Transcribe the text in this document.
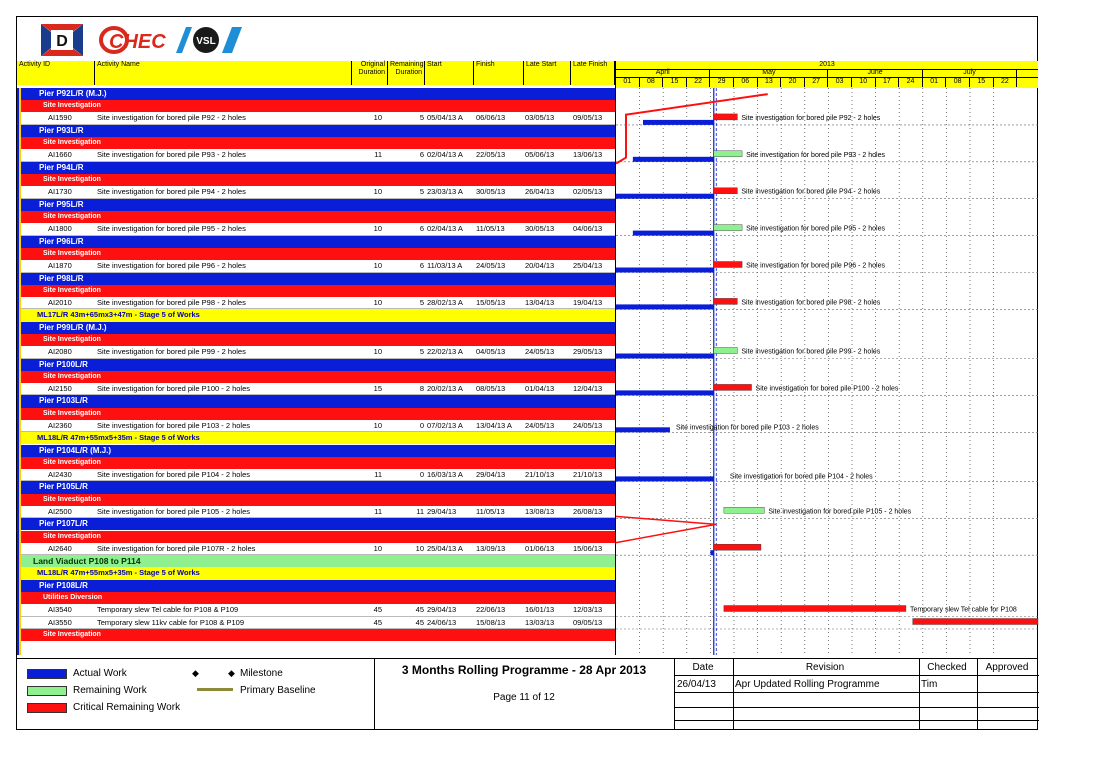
D CHEC	VSL
Activity ID	Activity Name	Original
Duration
Remaining
Duration
Start	Finish	Late Start	Late Finish	2013
April	May	June	July
01	08	15	22	29	06	13	20	27	03	10	17	24	01	08	15	22
Pier P92L/R (M.J.)
Site Investigation
AI1590	Site investigation for bored pile P92 - 2 holes	10	5 05/04/13 A	06/06/13	03/05/13	09/05/13
Pier P93L/R
Site Investigation
AI1660	Site investigation for bored pile P93 - 2 holes	11	6 02/04/13 A	22/05/13	05/06/13	13/06/13
Pier P94L/R
Site Investigation
AI1730	Site investigation for bored pile P94 - 2 holes	10	5 23/03/13 A	30/05/13	26/04/13	02/05/13
Pier P95L/R
Site Investigation
AI1800	Site investigation for bored pile P95 - 2 holes	10	6 02/04/13 A	11/05/13	30/05/13	04/06/13
Pier P96L/R
Site Investigation
AI1870	Site investigation for bored pile P96 - 2 holes	10	6 11/03/13 A	24/05/13	20/04/13	25/04/13
Pier P98L/R
Site Investigation
AI2010	Site investigation for bored pile P98 - 2 holes	10	5 28/02/13 A	15/05/13	13/04/13	19/04/13
ML17L/R 43m+65mx3+47m - Stage 5 of Works
Pier P99L/R (M.J.)
Site Investigation
AI2080	Site investigation for bored pile P99 - 2 holes	10	5 22/02/13 A	04/05/13	24/05/13	29/05/13
Pier P100L/R
Site Investigation
AI2150	Site investigation for bored pile P100 - 2 holes	15	8 20/02/13 A	08/05/13	01/04/13	12/04/13
Pier P103L/R
Site Investigation
AI2360	Site investigation for bored pile P103 - 2 holes	10	0 07/02/13 A	13/04/13 A	24/05/13	24/05/13
ML18L/R 47m+55mx5+35m - Stage 5 of Works
Pier P104L/R (M.J.)
Site Investigation
AI2430	Site investigation for bored pile P104 - 2 holes	11	0 16/03/13 A	29/04/13	21/10/13	21/10/13
Pier P105L/R
Site Investigation
AI2500	Site investigation for bored pile P105 - 2 holes	11	11 29/04/13	11/05/13	13/08/13	26/08/13
Pier P107L/R
Site Investigation
AI2640	Site investigation for bored pile P107R - 2 holes	10	10 25/04/13 A	13/09/13	01/06/13	15/06/13
Land Viaduct P108 to P114
ML18L/R 47m+55mx5+35m - Stage 5 of Works
Pier P108L/R
Utilities Diversion
AI3540	Temporary slew Tel cable for P108 & P109	45	45 29/04/13	22/06/13	16/01/13	12/03/13
AI3550	Temporary slew 11kv cable for P108 & P109	45	45 24/06/13	15/08/13	13/03/13	09/05/13
Site Investigation
Site investigation for bored pile P92 - 2 holes
Site investigation for bored pile P93 - 2 holes
Site investigation for bored pile P94 - 2 holes
Site investigation for bored pile P95 - 2 holes
Site investigation for bored pile P96 - 2 holes
Site investigation for bored pile P98 - 2 holes
Site investigation for bored pile P99 - 2 holes
Site investigation for bored pile P100 - 2 holes
Site investigation for bored pile P103 - 2 holes
Site investigation for bored pile P104 - 2 holes
Site investigation for bored pile P105 - 2 holes
Temporary slew Tel cable for P108
Actual Work
Remaining Work
Critical Remaining Work
◆	◆ Milestone
Primary Baseline
3 Months Rolling Programme - 28 Apr 2013
Page 11 of 12
Date	Revision	Checked	Approved
26/04/13 Apr Updated Rolling Programme	Tim
